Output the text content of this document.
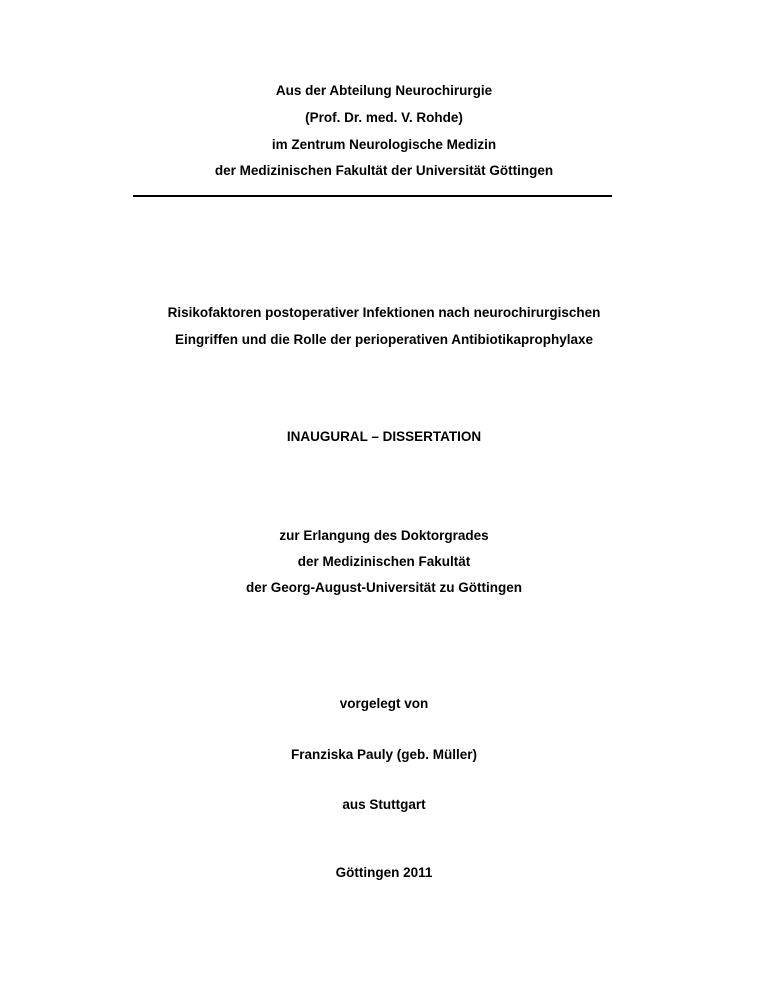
Aus der Abteilung Neurochirurgie
(Prof. Dr. med. V. Rohde)
im Zentrum Neurologische Medizin
der Medizinischen Fakultät der Universität Göttingen
Risikofaktoren postoperativer Infektionen nach neurochirurgischen
Eingriffen und die Rolle der perioperativen Antibiotikaprophylaxe
INAUGURAL – DISSERTATION
zur Erlangung des Doktorgrades
der Medizinischen Fakultät
der Georg-August-Universität zu Göttingen
vorgelegt von
Franziska Pauly (geb. Müller)
aus Stuttgart
Göttingen 2011
